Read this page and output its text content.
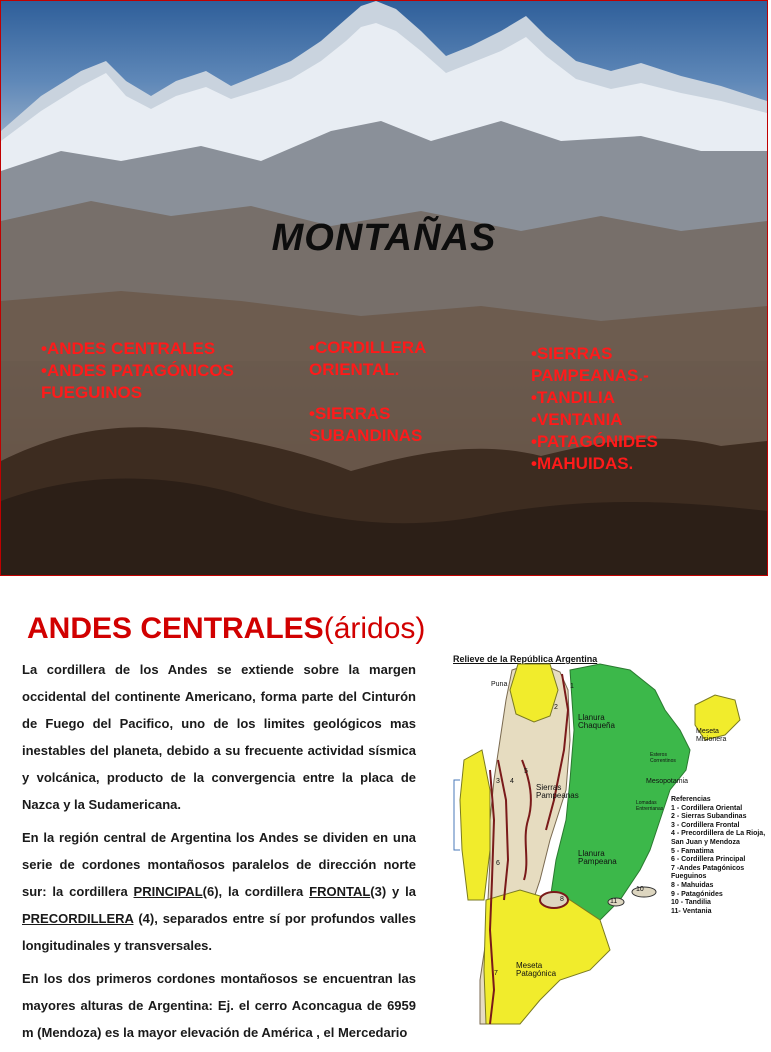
MONTAÑAS
•ANDES CENTRALES
•ANDES PATAGÓNICOS FUEGUINOS
•CORDILLERA ORIENTAL.
•SIERRAS SUBANDINAS
•SIERRAS PAMPEANAS.-
•TANDILIA
•VENTANIA
•PATAGÓNIDES
•MAHUIDAS.
ANDES CENTRALES(áridos)

La cordillera de los Andes se extiende sobre la margen occidental del continente Americano, forma parte del Cinturón de Fuego del Pacifico, uno de los limites geológicos mas inestables del planeta, debido a su frecuente actividad sísmica y volcánica, producto de la convergencia entre la placa de Nazca y la Sudamericana.

En la región central de Argentina los Andes se dividen en una serie de cordones montañosos paralelos de dirección norte sur: la cordillera PRINCIPAL(6), la cordillera FRONTAL(3) y la PRECORDILLERA (4), separados entre sí por profundos valles longitudinales y transversales.

En los dos primeros cordones montañosos se encuentran las mayores alturas de Argentina: Ej. el cerro Aconcagua de 6959 m (Mendoza) es la mayor elevación de América , el Mercedario

Relieve de la República Argentina
Puna
Llanura Chaqueña
Esteros Correntinos
Meseta Misionera
Mesopotamia
Lomadas Entrerrianas
Sierras Pampeanas
Llanura Pampeana
Meseta Patagónica
1
2
3 4
5
6
7
8
10
11
Referencias
1 - Cordillera Oriental
2 - Sierras Subandinas
3 - Cordillera Frontal
4 - Precordillera de La Rioja, San Juan y Mendoza
5 - Famatima
6 - Cordillera Principal
7 -Andes Patagónicos Fueguinos
8 - Mahuidas
9 - Patagónides
10 - Tandilia
11- Ventania
